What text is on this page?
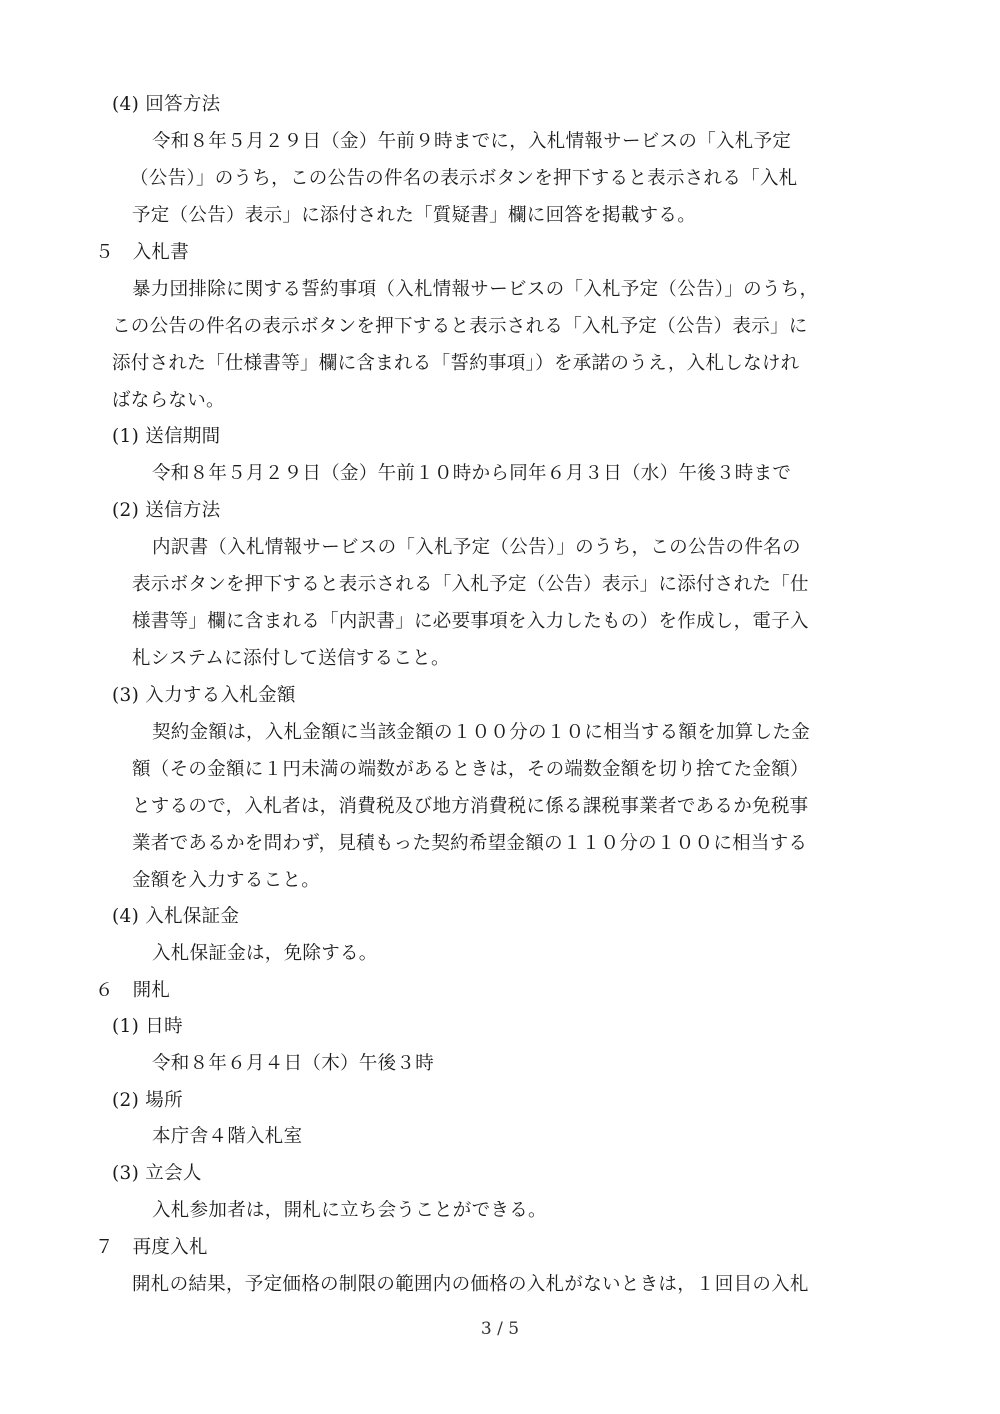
(4) 回答方法
令和８年５月２９日（金）午前９時までに，入札情報サービスの「入札予定
（公告）」のうち，この公告の件名の表示ボタンを押下すると表示される「入札
予定（公告）表示」に添付された「質疑書」欄に回答を掲載する。
５　入札書
暴力団排除に関する誓約事項（入札情報サービスの「入札予定（公告）」のうち，
この公告の件名の表示ボタンを押下すると表示される「入札予定（公告）表示」に
添付された「仕様書等」欄に含まれる「誓約事項」）を承諾のうえ，入札しなけれ
ばならない。
(1) 送信期間
令和８年５月２９日（金）午前１０時から同年６月３日（水）午後３時まで
(2) 送信方法
内訳書（入札情報サービスの「入札予定（公告）」のうち，この公告の件名の
表示ボタンを押下すると表示される「入札予定（公告）表示」に添付された「仕
様書等」欄に含まれる「内訳書」に必要事項を入力したもの）を作成し，電子入
札システムに添付して送信すること。
(3) 入力する入札金額
契約金額は，入札金額に当該金額の１００分の１０に相当する額を加算した金
額（その金額に１円未満の端数があるときは，その端数金額を切り捨てた金額）
とするので，入札者は，消費税及び地方消費税に係る課税事業者であるか免税事
業者であるかを問わず，見積もった契約希望金額の１１０分の１００に相当する
金額を入力すること。
(4) 入札保証金
入札保証金は，免除する。
６　開札
(1) 日時
令和８年６月４日（木）午後３時
(2) 場所
本庁舎４階入札室
(3) 立会人
入札参加者は，開札に立ち会うことができる。
７　再度入札
開札の結果，予定価格の制限の範囲内の価格の入札がないときは，１回目の入札
3 / 5
